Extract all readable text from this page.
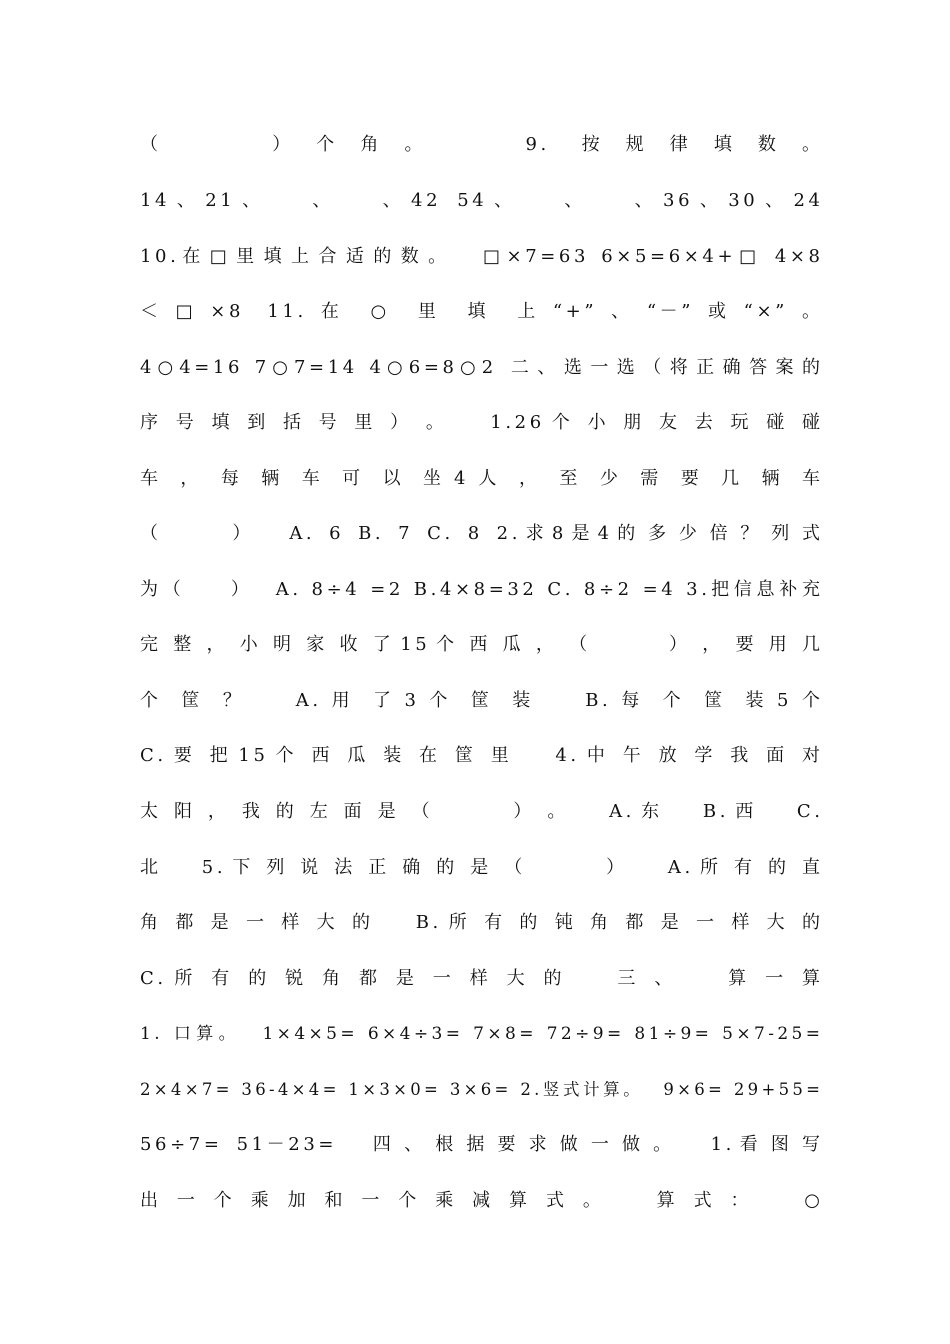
（ 　 　 ） 个 角 。 　 　 9 .   按 规 律 填 数 。
1 4 、 2 1 、 　 、 　 、 4 2   5 4 、 　 、 　 、 3 6 、 3 0 、 2 4
1 0 . 在 □ 里 填 上 合 适 的 数 。 　 □ × 7 = 6 3   6 × 5 = 6 × 4 + □   4 × 8
＜ □ × 8   1 1 . 在 ○ 里 填 上 “ + ” 、 “ － ” 或 “ × ” 。
4 ○ 4 = 1 6   7 ○ 7 = 1 4   4 ○ 6 = 8 ○ 2   二 、 选 一 选 （ 将 正 确 答 案 的
序 号 填 到 括 号 里 ） 。 　 1 . 2 6 个 小 朋 友 去 玩 碰 碰
车 ， 每 辆 车 可 以 坐 4 人 ， 至 少 需 要 几 辆 车
（ 　 　 ） 　 A .   6   B .   7   C .   8   2 . 求 8 是 4 的 多 少 倍 ？ 列 式
为 （ 　 　 ） 　 A .   8 ÷ 4   = 2   B . 4 × 8 = 3 2   C .   8 ÷ 2   = 4   3 . 把 信 息 补 充
完 整 ， 小 明 家 收 了 1 5 个 西 瓜 ， （ 　 　 ） ， 要 用 几
个 筐 ？ 　 A . 用 了 3 个 筐 装 　 B . 每 个 筐 装 5 个
C . 要 把 1 5 个 西 瓜 装 在 筐 里 　 4 . 中 午 放 学 我 面 对
太 阳 ， 我 的 左 面 是 （ 　 　 ） 。 　 A . 东 　 B . 西 　 C .
北 　 5 . 下 列 说 法 正 确 的 是 （ 　 　 ） 　 A . 所 有 的 直
角 都 是 一 样 大 的 　 B . 所 有 的 钝 角 都 是 一 样 大 的
C . 所 有 的 锐 角 都 是 一 样 大 的 　 三 、 　 算 一 算
1 .   口 算 。 　 1 × 4 × 5 =   6 × 4 ÷ 3 =   7 × 8 =   7 2 ÷ 9 =   8 1 ÷ 9 =   5 × 7 - 2 5 =
2 × 4 × 7 =   3 6 - 4 × 4 =   1 × 3 × 0 =   3 × 6 =   2 . 竖 式 计 算 。 　 9 × 6 =   2 9 + 5 5 =
5 6 ÷ 7 =   5 1 － 2 3 = 　 四 、 根 据 要 求 做 一 做 。 　 1 . 看 图 写
出 一 个 乘 加 和 一 个 乘 减 算 式 。 　 算 式 ： 　 ○
